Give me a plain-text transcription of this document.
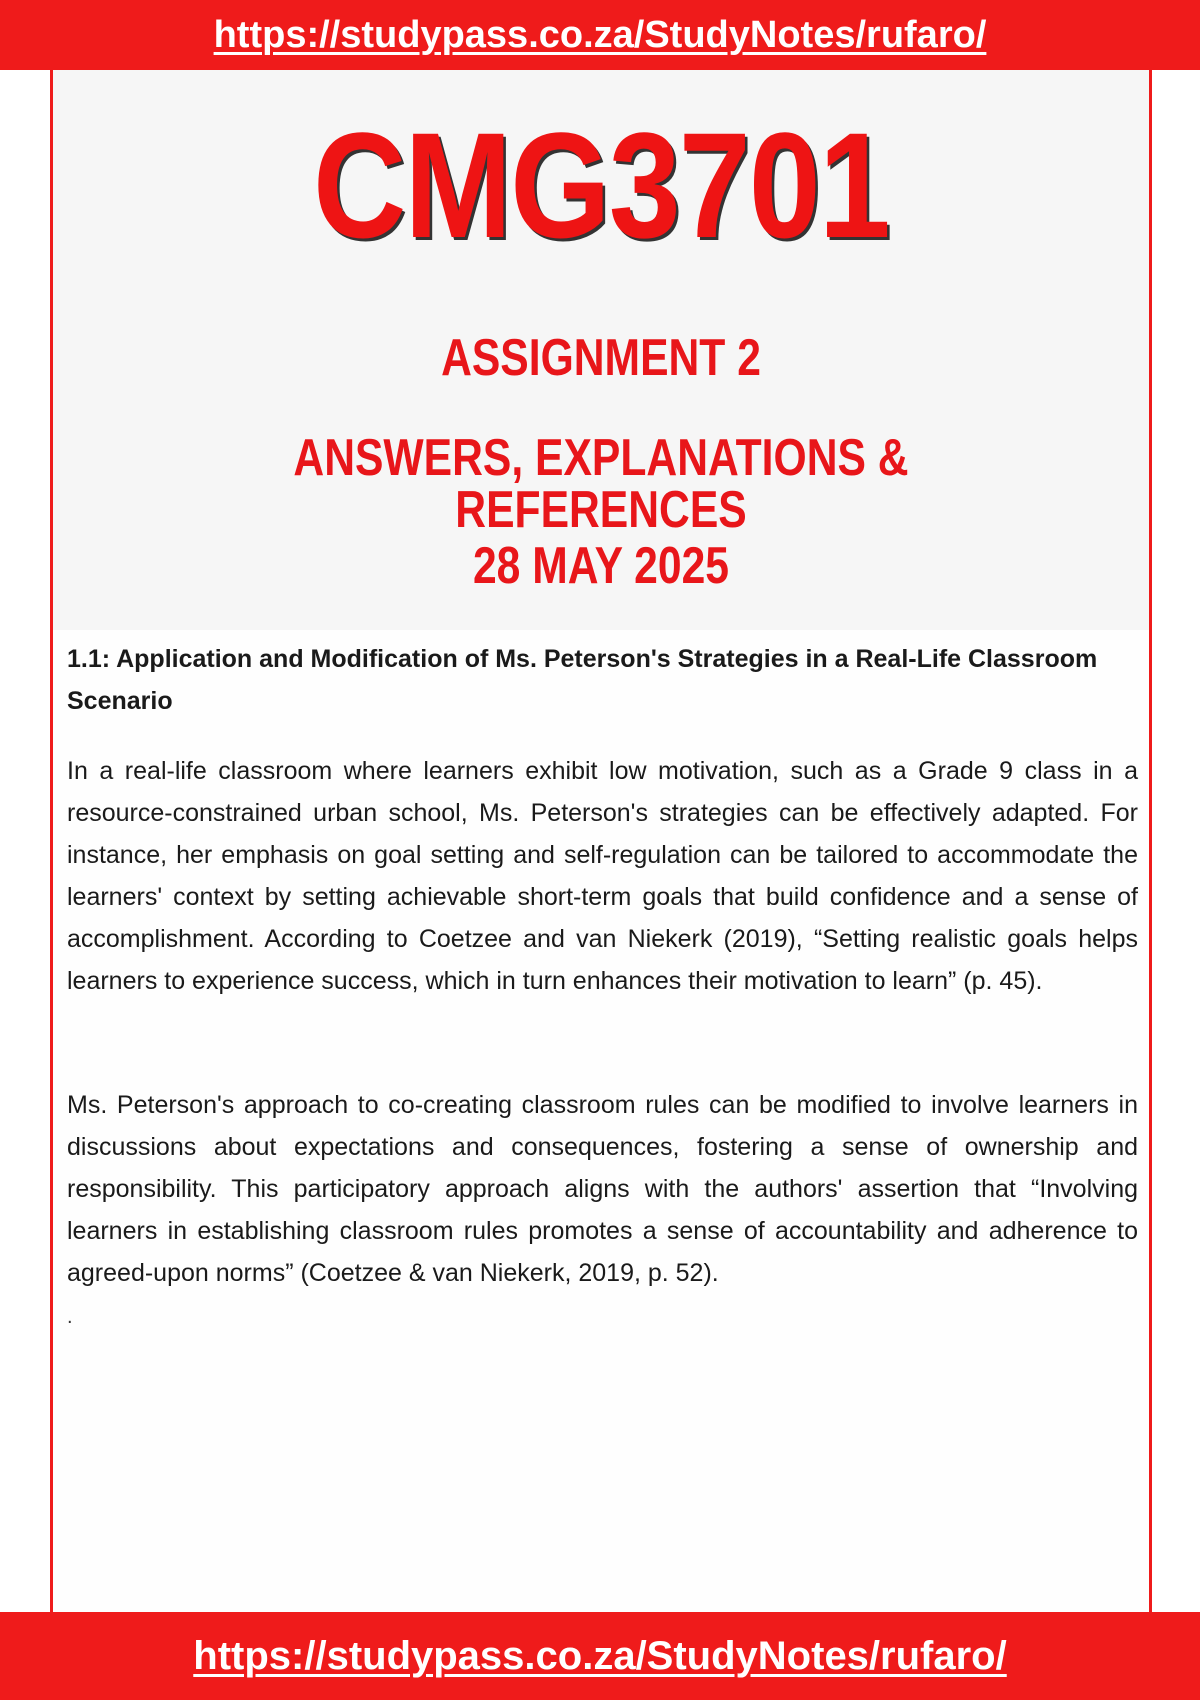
https://studypass.co.za/StudyNotes/rufaro/
CMG3701
ASSIGNMENT 2
ANSWERS, EXPLANATIONS & REFERENCES
28 MAY 2025
1.1: Application and Modification of Ms. Peterson's Strategies in a Real-Life Classroom Scenario

In a real-life classroom where learners exhibit low motivation, such as a Grade 9 class in a resource-constrained urban school, Ms. Peterson's strategies can be effectively adapted. For instance, her emphasis on goal setting and self-regulation can be tailored to accommodate the learners' context by setting achievable short-term goals that build confidence and a sense of accomplishment. According to Coetzee and van Niekerk (2019), “Setting realistic goals helps learners to experience success, which in turn enhances their motivation to learn” (p. 45).

Ms. Peterson's approach to co-creating classroom rules can be modified to involve learners in discussions about expectations and consequences, fostering a sense of ownership and responsibility. This participatory approach aligns with the authors' assertion that “Involving learners in establishing classroom rules promotes a sense of accountability and adherence to agreed-upon norms” (Coetzee & van Niekerk, 2019, p. 52).

.
https://studypass.co.za/StudyNotes/rufaro/
